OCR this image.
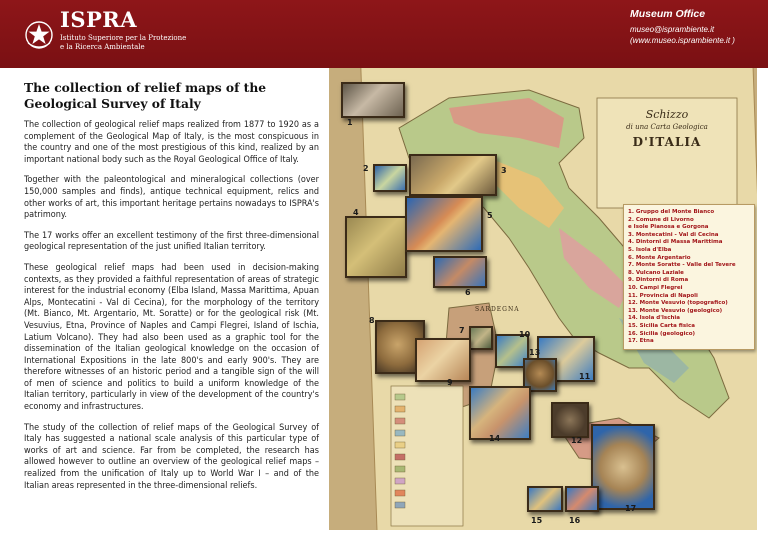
ISPRA
Istituto Superiore per la Protezione
e la Ricerca Ambientale
Museum Office
museo@isprambiente.it
(www.museo.isprambiente.it )
The collection of relief maps of the Geological Survey of Italy

The collection of geological relief maps realized from 1877 to 1920 as a complement of the Geological Map of Italy, is the most conspicuous in the country and one of the most prestigious of this kind, realized by an important national body such as the Royal Geological Office of Italy.

Together with the paleontological and mineralogical collections (over 150,000 samples and finds), antique technical equipment, relics and other works of art, this important heritage pertains nowadays to ISPRA's patrimony.

The 17 works offer an excellent testimony of the first three-dimensional geological representation of the just unified Italian territory.

These geological relief maps had been used in decision-making contexts, as they provided a faithful representation of areas of strategic interest for the industrial economy (Elba Island, Massa Marittima, Apuan Alps, Montecatini - Val di Cecina), for the morphology of the territory (Mt. Bianco, Mt. Argentario, Mt. Soratte) or for the geological risk (Mt. Vesuvius, Etna, Province of Naples and Campi Flegrei, Island of Ischia, Latium Volcano). They had also been used as a graphic tool for the dissemination of the Italian geological knowledge on the occasion of International Expositions in the late 800's and early 900's. They are therefore witnesses of an historic period and a tangible sign of the will of men of science and politics to build a uniform knowledge of the Italian territory, particularly in view of the development of the country's economy and infrastructures.

The study of the collection of relief maps of the Geological Survey of Italy has suggested a national scale analysis of this particular type of works of art and science. Far from be completed, the research has allowed however to outline an overview of the geological relief maps – realized from the unification of Italy up to World War I – and of the Italian areas represented in the three-dimensional reliefs.

Schizzo
di una Carta Geologica
D'ITALIA
SARDEGNA
1
2	3
4	5
6
8
7
9
10
11
13
14	12
17
15	16
1. Gruppo del Monte Bianco
2. Comune di Livorno
e Isole Pianosa e Gorgona
3. Montecatini - Val di Cecina
4. Dintorni di Massa Marittima
5. Isola d'Elba
6. Monte Argentario
7. Monte Soratte - Valle del Tevere
8. Vulcano Laziale
9. Dintorni di Roma
10. Campi Flegrei
11. Provincia di Napoli
12. Monte Vesuvio (topografico)
13. Monte Vesuvio (geologico)
14. Isola d'Ischia
15. Sicilia Carta fisica
16. Sicilia (geologico)
17. Etna
